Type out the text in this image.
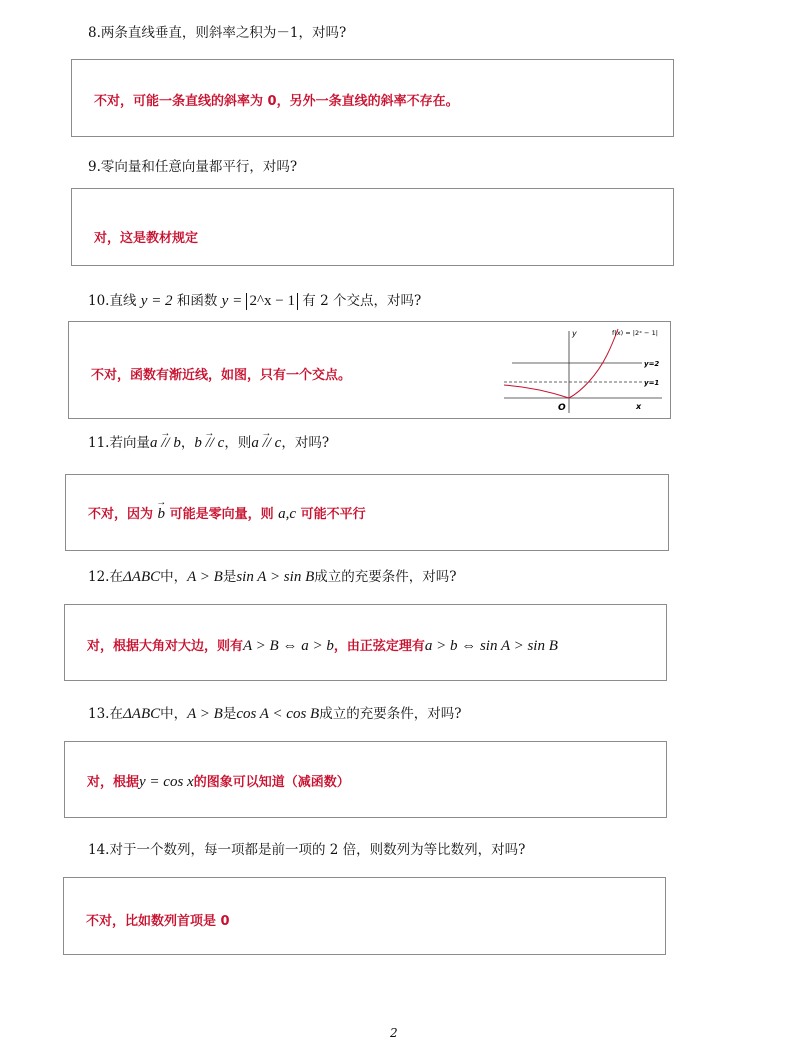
8.两条直线垂直，则斜率之积为－1，对吗?
不对，可能一条直线的斜率为 0，另外一条直线的斜率不存在。
9.零向量和任意向量都平行，对吗?
对，这是教材规定
10.直线 y = 2 和函数 y = 2^x − 1 有 2 个交点，对吗?
不对，函数有渐近线，如图，只有一个交点。
y	f(x) = |2ˣ − 1|
y=2
y=1
O	x
11.若向量→ a // b，→ b // c，则→ a // c，对吗?
不对，因为 → b 可能是零向量，则 a,c 可能不平行
12.在ΔABC中，A > B是sin A > sin B成立的充要条件，对吗?
对，根据大角对大边，则有A > B ⇔ a > b，由正弦定理有a > b ⇔ sin A > sin B
13.在ΔABC中，A > B是cos A < cos B成立的充要条件，对吗?
对，根据y = cos x的图象可以知道（减函数）
14.对于一个数列，每一项都是前一项的 2 倍，则数列为等比数列，对吗?
不对，比如数列首项是 0
2
